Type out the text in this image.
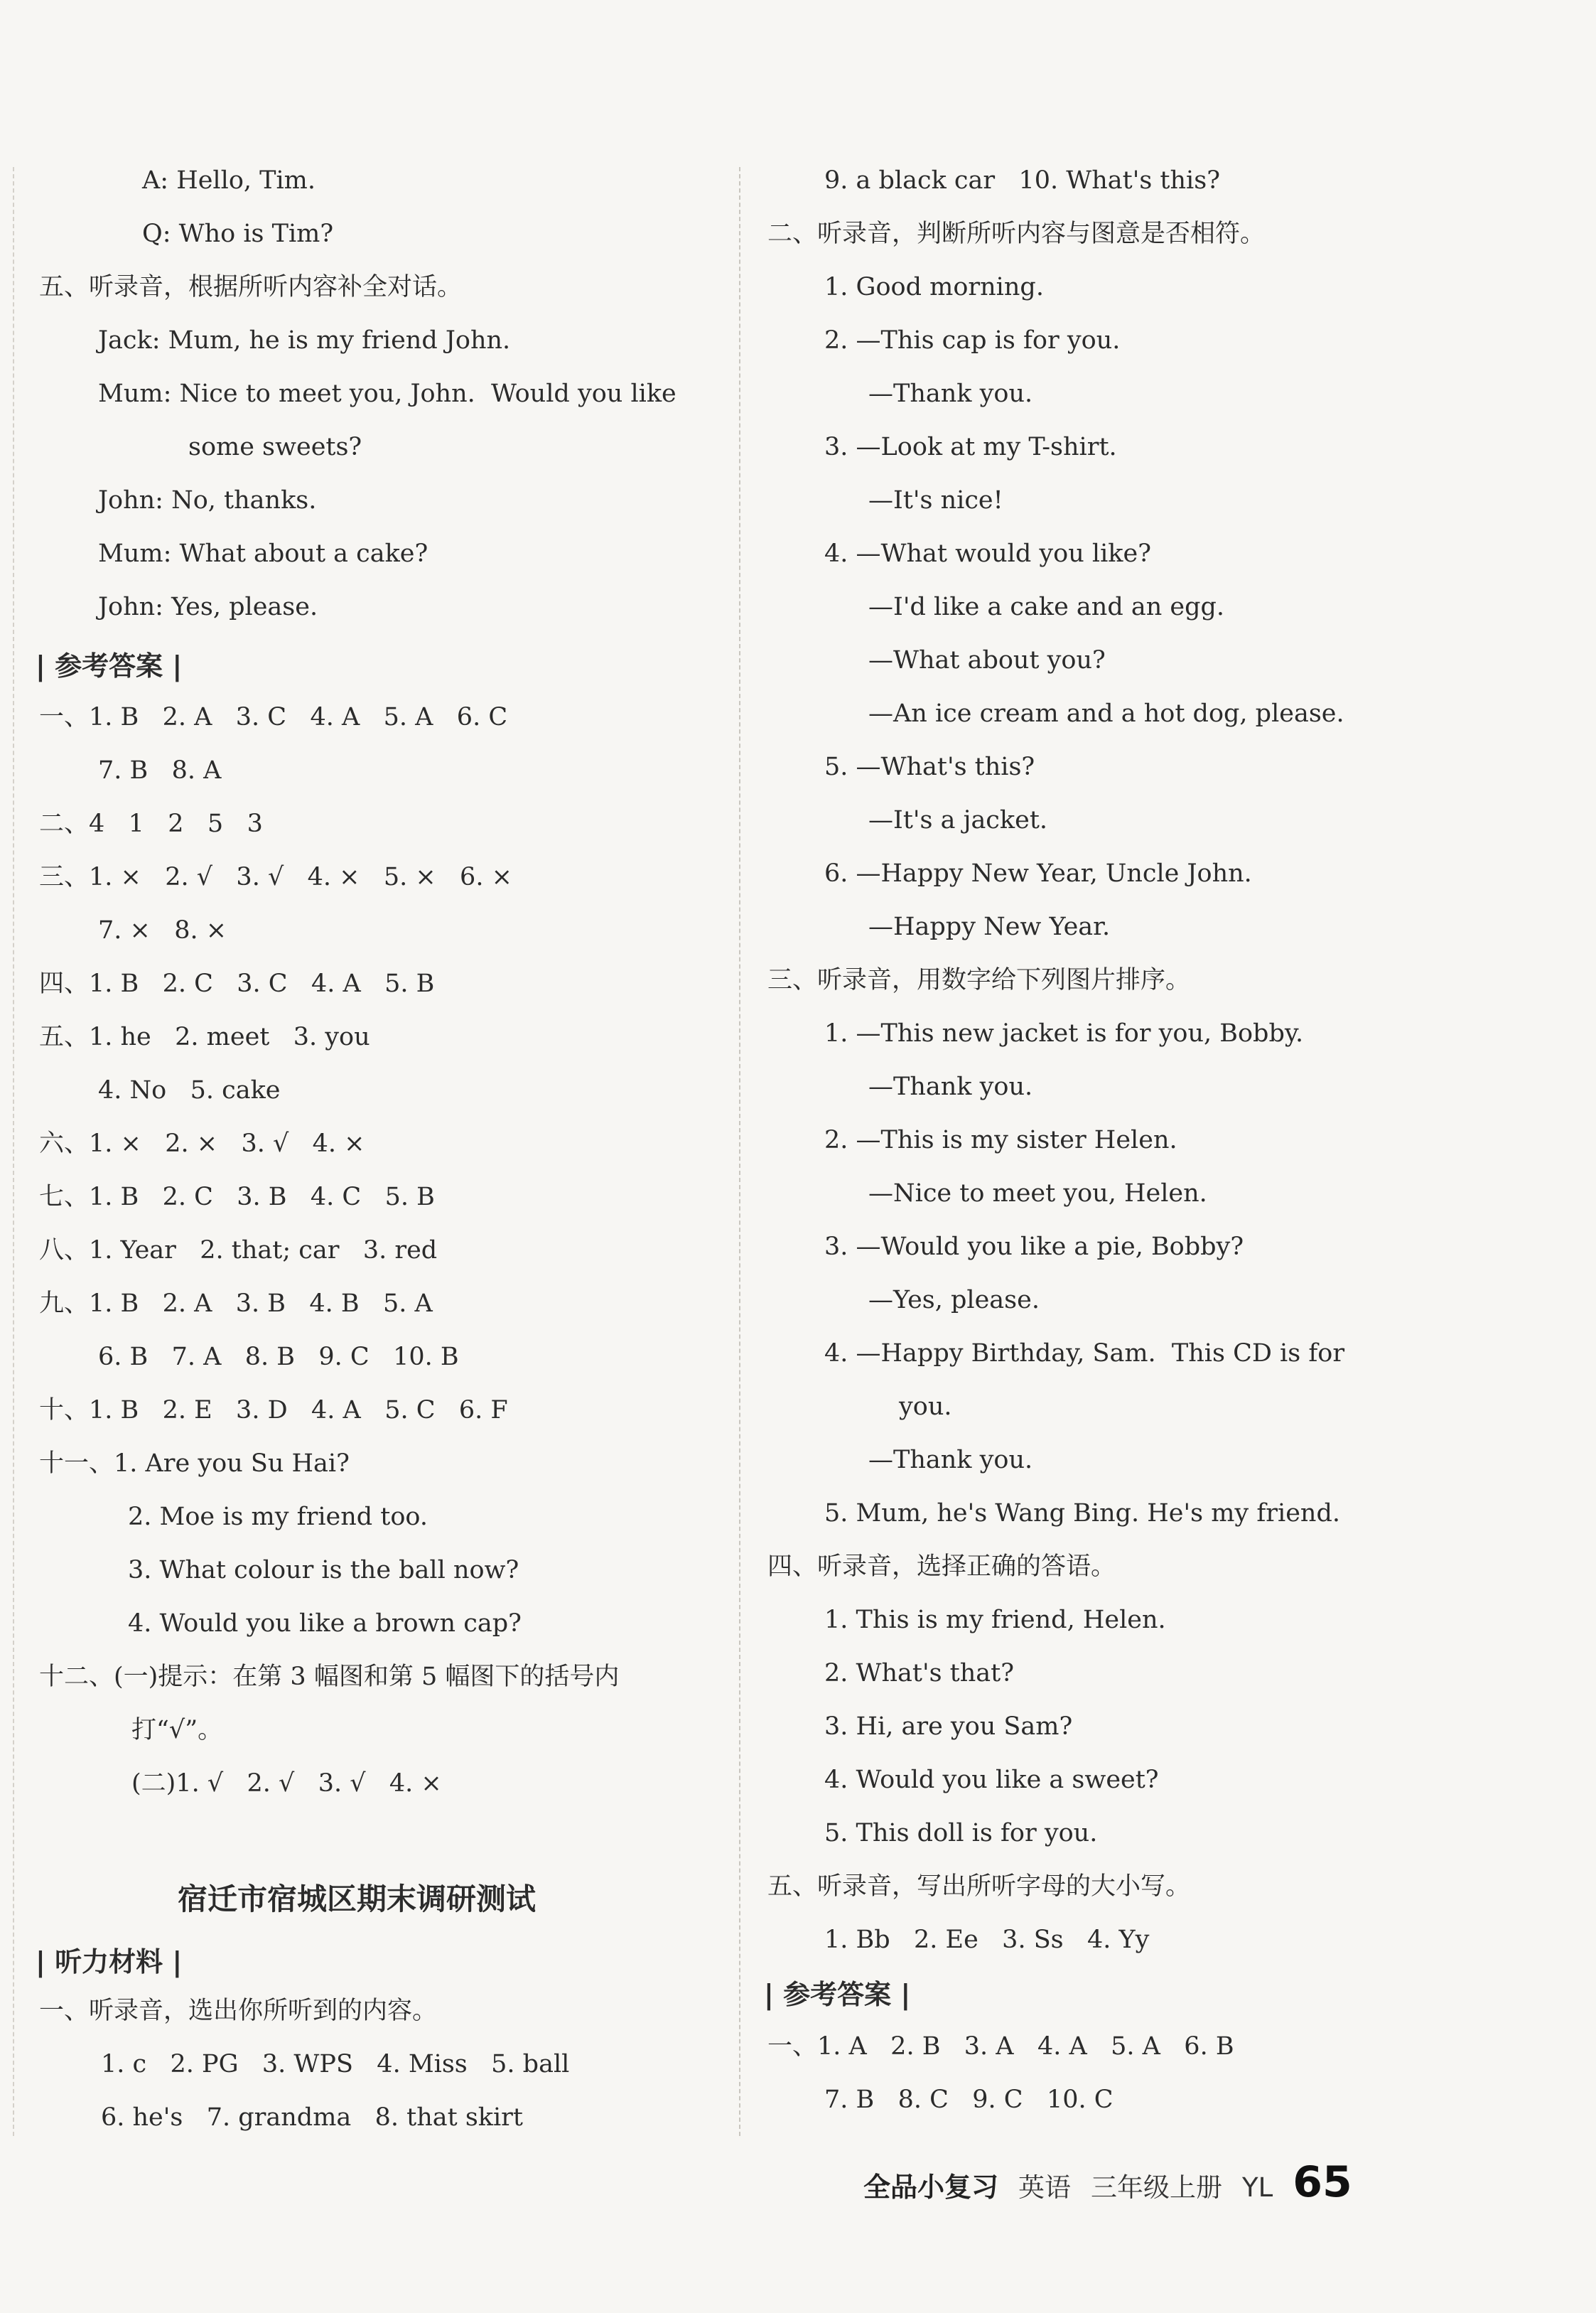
A: Hello, Tim.
Q: Who is Tim?
五、听录音，根据所听内容补全对话。
Jack: Mum, he is my friend John.
Mum: Nice to meet you, John.  Would you like
some sweets?
John: No, thanks.
Mum: What about a cake?
John: Yes, please.
| 参考答案 |
一、1. B   2. A   3. C   4. A   5. A   6. C
7. B   8. A
二、4   1   2   5   3
三、1. ×   2. √   3. √   4. ×   5. ×   6. ×
7. ×   8. ×
四、1. B   2. C   3. C   4. A   5. B
五、1. he   2. meet   3. you
4. No   5. cake
六、1. ×   2. ×   3. √   4. ×
七、1. B   2. C   3. B   4. C   5. B
八、1. Year   2. that; car   3. red
九、1. B   2. A   3. B   4. B   5. A
6. B   7. A   8. B   9. C   10. B
十、1. B   2. E   3. D   4. A   5. C   6. F
十一、1. Are you Su Hai?
2. Moe is my friend too.
3. What colour is the ball now?
4. Would you like a brown cap?
十二、(一)提示：在第 3 幅图和第 5 幅图下的括号内
打“√”。
(二)1. √   2. √   3. √   4. ×
宿迁市宿城区期末调研测试
| 听力材料 |
一、听录音，选出你所听到的内容。
1. c   2. PG   3. WPS   4. Miss   5. ball
6. he's   7. grandma   8. that skirt
9. a black car   10. What's this?
二、听录音，判断所听内容与图意是否相符。
1. Good morning.
2. —This cap is for you.
—Thank you.
3. —Look at my T-shirt.
—It's nice!
4. —What would you like?
—I'd like a cake and an egg.
—What about you?
—An ice cream and a hot dog, please.
5. —What's this?
—It's a jacket.
6. —Happy New Year, Uncle John.
—Happy New Year.
三、听录音，用数字给下列图片排序。
1. —This new jacket is for you, Bobby.
—Thank you.
2. —This is my sister Helen.
—Nice to meet you, Helen.
3. —Would you like a pie, Bobby?
—Yes, please.
4. —Happy Birthday, Sam.  This CD is for
you.
—Thank you.
5. Mum, he's Wang Bing. He's my friend.
四、听录音，选择正确的答语。
1. This is my friend, Helen.
2. What's that?
3. Hi, are you Sam?
4. Would you like a sweet?
5. This doll is for you.
五、听录音，写出所听字母的大小写。
1. Bb   2. Ee   3. Ss   4. Yy
| 参考答案 |
一、1. A   2. B   3. A   4. A   5. A   6. B
7. B   8. C   9. C   10. C
全品小复习 英语 三年级上册 YL 65
